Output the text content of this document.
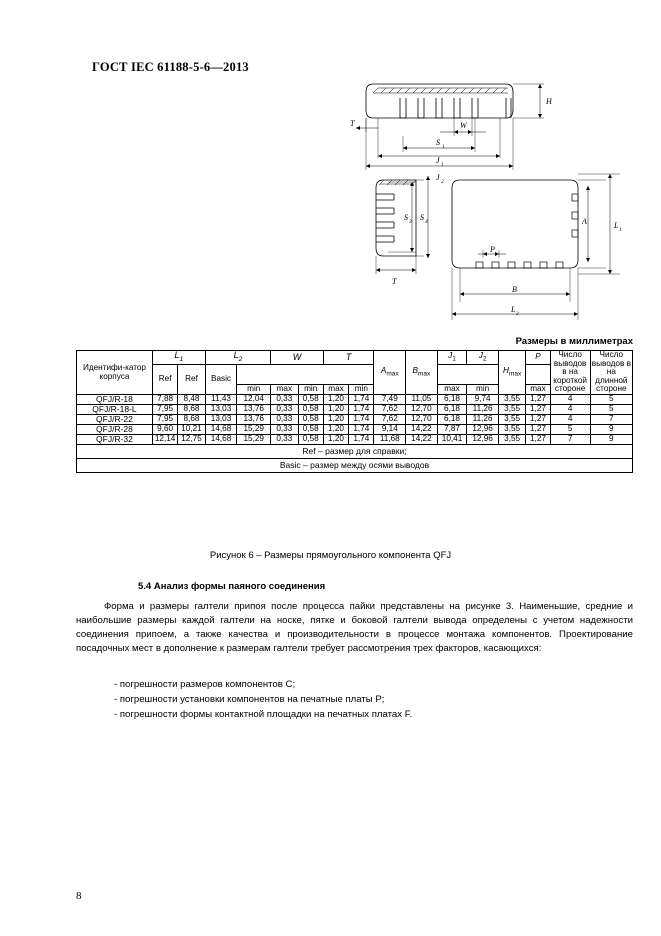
ГОСТ IEC 61188-5-6—2013
H
W
T
S 1
J 1
J 2
S 3 S 4
T
P
A	L 1
B
L 2
Размеры в миллиметрах
Идентифи-катор корпуса	$L_1$		$L_2$		W		T		$A_{max}$	$B_{max}$	$J_1$	$J_2$	$H_{max}$	P	Число выводов в на короткой стороне	Число выводов в на длинной стороне
	Ref	Ref	Basic													
				min	max	min	max	min			max	min		max		
QFJ/R-18	7,88	8,48	11,43	12,04	0,33	0,58	1,20	1,74	7,49	11,05	6,18	9,74	3,55	1,27	4	5
QFJ/R-18-L	7,95	8,68	13,03	13,76	0,33	0,58	1,20	1,74	7,62	12,70	6,18	11,26	3,55	1,27	4	5
QFJ/R-22	7,95	8,68	13,03	13,76	0,33	0,58	1,20	1,74	7,62	12,70	6,18	11,26	3,55	1,27	4	7
QFJ/R-28	9,60	10,21	14,68	15,29	0,33	0,58	1,20	1,74	9,14	14,22	7,87	12,96	3,55	1,27	5	9
QFJ/R-32	12,14	12,75	14,68	15,29	0,33	0,58	1,20	1,74	11,68	14,22	10,41	12,96	3,55	1,27	7	9
Ref – размер для справки;																
Basic – размер между осями выводов																
Рисунок 6 – Размеры прямоугольного компонента QFJ
5.4 Анализ формы паяного соединения
Форма и размеры галтели припоя после процесса пайки представлены на рисунке 3. Наименьшие, средние и наибольшие размеры каждой галтели на носке, пятке и боковой галтели вывода определены с учетом надежности соединения припоем, а также качества и производительности в процессе монтажа компонентов. Проектирование посадочных мест в дополнение к размерам галтели требует рассмотрения трех факторов, касающихся:
- погрешности размеров компонентов C;
- погрешности установки компонентов на печатные платы P;
- погрешности формы контактной площадки на печатных платах F.
8
